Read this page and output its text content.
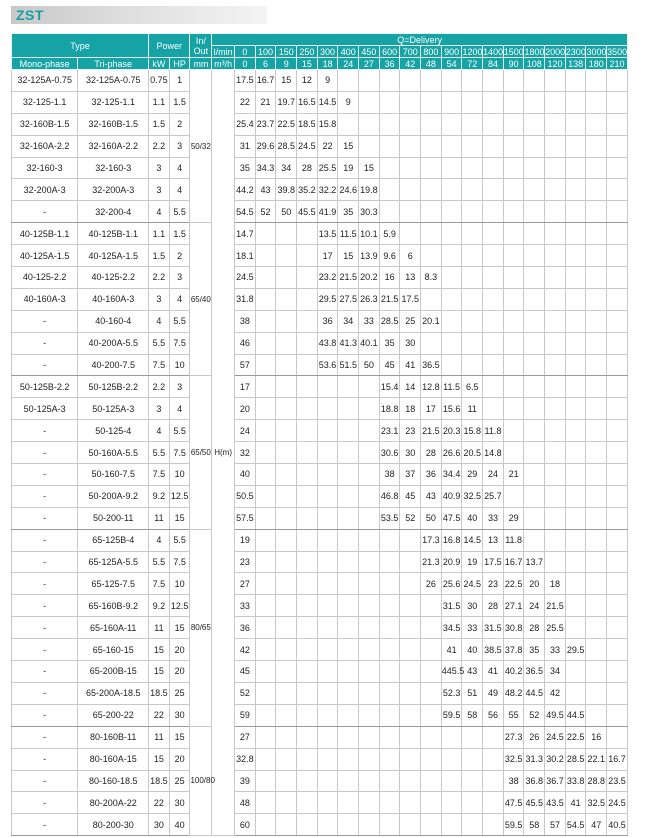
ZST
Type		Power		In/ Out	Q=Delivery																			
					l/min	0	100	150	250	300	400	450	600	700	800	900	1200	1400	1500	1800	2000	2300	3000	3500
Mono-phase	Tri-phase	kW	HP	mm	m³/h	0	6	9	15	18	24	27	36	42	48	54	72	84	90	108	120	138	180	210
32-125A-0.75	32-125A-0.75	0.75	1	50/32	H(m)	17.5	16.7	15	12	9														
32-125-1.1	32-125-1.1	1.1	1.5			22	21	19.7	16.5	14.5	9													
32-160B-1.5	32-160B-1.5	1.5	2			25.4	23.7	22.5	18.5	15.8														
32-160A-2.2	32-160A-2.2	2.2	3			31	29.6	28.5	24.5	22	15													
32-160-3	32-160-3	3	4			35	34.3	34	28	25.5	19	15												
32-200A-3	32-200A-3	3	4			44.2	43	39.8	35.2	32.2	24.6	19.8												
-	32-200-4	4	5.5			54.5	52	50	45.5	41.9	35	30.3												
40-125B-1.1	40-125B-1.1	1.1	1.5	65/40		14.7				13.5	11.5	10.1	5.9											
40-125A-1.5	40-125A-1.5	1.5	2			18.1				17	15	13.9	9.6	6										
40-125-2.2	40-125-2.2	2.2	3			24.5				23.2	21.5	20.2	16	13	8.3									
40-160A-3	40-160A-3	3	4			31.8				29.5	27.5	26.3	21.5	17.5										
-	40-160-4	4	5.5			38				36	34	33	28.5	25	20.1									
-	40-200A-5.5	5.5	7.5			46				43.8	41.3	40.1	35	30										
-	40-200-7.5	7.5	10			57				53.6	51.5	50	45	41	36.5									
50-125B-2.2	50-125B-2.2	2.2	3	65/50		17							15.4	14	12.8	11.5	6.5							
50-125A-3	50-125A-3	3	4			20							18.8	18	17	15.6	11							
-	50-125-4	4	5.5			24							23.1	23	21.5	20.3	15.8	11.8						
-	50-160A-5.5	5.5	7.5			32							30.6	30	28	26.6	20.5	14.8						
-	50-160-7.5	7.5	10			40							38	37	36	34.4	29	24	21					
-	50-200A-9.2	9.2	12.5			50.5							46.8	45	43	40.9	32.5	25.7						
-	50-200-11	11	15			57.5							53.5	52	50	47.5	40	33	29					
-	65-125B-4	4	5.5	80/65		19									17.3	16.8	14.5	13	11.8					
-	65-125A-5.5	5.5	7.5			23									21.3	20.9	19	17.5	16.7	13.7				
-	65-125-7.5	7.5	10			27									26	25.6	24.5	23	22.5	20	18			
-	65-160B-9.2	9.2	12.5			33										31.5	30	28	27.1	24	21.5			
-	65-160A-11	11	15			36										34.5	33	31.5	30.8	28	25.5			
-	65-160-15	15	20			42										41	40	38.5	37.8	35	33	29.5		
-	65-200B-15	15	20			45										445.5	43	41	40.2	36.5	34			
-	65-200A-18.5	18.5	25			52										52.3	51	49	48.2	44.5	42			
-	65-200-22	22	30			59										59.5	58	56	55	52	49.5	44.5		
-	80-160B-11	11	15	100/80		27													27.3	26	24.5	22.5	16	
-	80-160A-15	15	20			32.8													32.5	31.3	30.2	28.5	22.1	16.7
-	80-160-18.5	18.5	25			39													38	36.8	36.7	33.8	28.8	23.5
-	80-200A-22	22	30			48													47.5	45.5	43.5	41	32.5	24.5
-	80-200-30	30	40			60													59.5	58	57	54.5	47	40.5
